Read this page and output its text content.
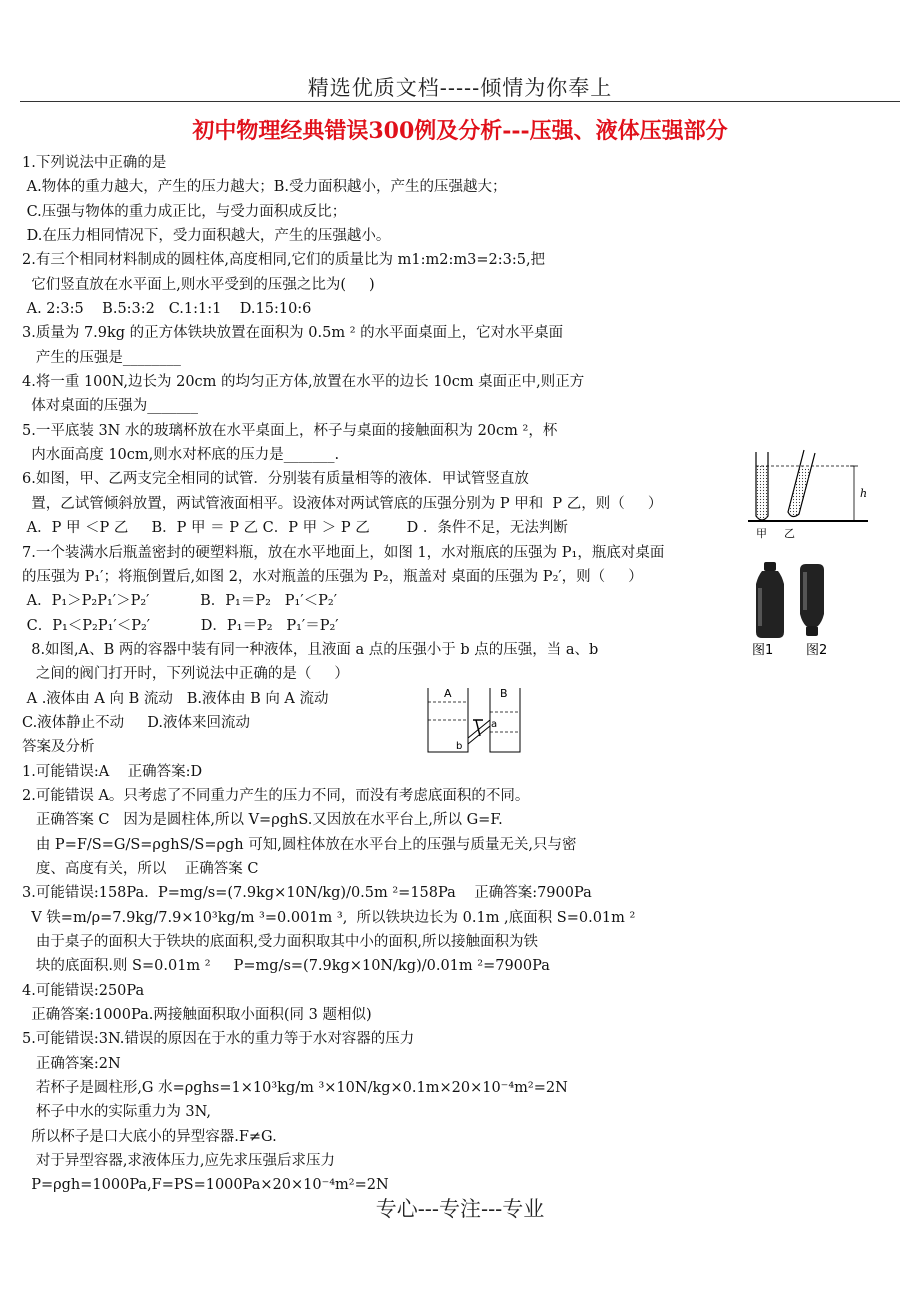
精选优质文档-----倾情为你奉上
初中物理经典错误300例及分析---压强、液体压强部分
1.下列说法中正确的是
A.物体的重力越大，产生的压力越大；B.受力面积越小，产生的压强越大；
C.压强与物体的重力成正比，与受力面积成反比；
D.在压力相同情况下，受力面积越大，产生的压强越小。
2.有三个相同材料制成的圆柱体,高度相同,它们的质量比为 m1:m2:m3=2:3:5,把
它们竖直放在水平面上,则水平受到的压强之比为(     )
A. 2:3:5    B.5:3:2   C.1:1:1    D.15:10:6
3.质量为 7.9kg 的正方体铁块放置在面积为 0.5m ² 的水平面桌面上，它对水平桌面
产生的压强是________
4.将一重 100N,边长为 20cm 的均匀正方体,放置在水平的边长 10cm 桌面正中,则正方
体对桌面的压强为_______
5.一平底装 3N 水的玻璃杯放在水平桌面上，杯子与桌面的接触面积为 20cm ²，杯
内水面高度 10cm,则水对杯底的压力是_______.
6.如图，甲、乙两支完全相同的试管．分别装有质量相等的液体．甲试管竖直放
置，乙试管倾斜放置，两试管液面相平。设液体对两试管底的压强分别为 P 甲和  P 乙，则（     ）
A．P 甲 ＜P 乙     B．P 甲 ＝ P 乙 C．P 甲 ＞ P 乙        D ．条件不足，无法判断
7.一个装满水后瓶盖密封的硬塑料瓶，放在水平地面上，如图 1，水对瓶底的压强为 P₁，瓶底对桌面
的压强为 P₁′；将瓶倒置后,如图 2，水对瓶盖的压强为 P₂，瓶盖对 桌面的压强为 P₂′，则（     ）
A．P₁＞P₂P₁′＞P₂′           B．P₁＝P₂   P₁′＜P₂′
C．P₁＜P₂P₁′＜P₂′           D．P₁＝P₂   P₁′＝P₂′
8.如图,A、B 两的容器中装有同一种液体，且液面 a 点的压强小于 b 点的压强，当 a、b
之间的阀门打开时，下列说法中正确的是（     ）
A .液体由 A 向 B 流动   B.液体由 B 向 A 流动
C.液体静止不动     D.液体来回流动
答案及分析
1.可能错误:A    正确答案:D
2.可能错误 A。只考虑了不同重力产生的压力不同，而没有考虑底面积的不同。
正确答案 C   因为是圆柱体,所以 V=ρghS.又因放在水平台上,所以 G=F.
由 P=F/S=G/S=ρghS/S=ρgh 可知,圆柱体放在水平台上的压强与质量无关,只与密
度、高度有关，所以    正确答案 C
3.可能错误:158Pa.  P=mg/s=(7.9kg×10N/kg)/0.5m ²=158Pa    正确答案:7900Pa
V 铁=m/ρ=7.9kg/7.9×10³kg/m ³=0.001m ³,  所以铁块边长为 0.1m ,底面积 S=0.01m ²
由于桌子的面积大于铁块的底面积,受力面积取其中小的面积,所以接触面积为铁
块的底面积.则 S=0.01m ²     P=mg/s=(7.9kg×10N/kg)/0.01m ²=7900Pa
4.可能错误:250Pa
正确答案:1000Pa.两接触面积取小面积(同 3 题相似)
5.可能错误:3N.错误的原因在于水的重力等于水对容器的压力
正确答案:2N
若杯子是圆柱形,G 水=ρghs=1×10³kg/m ³×10N/kg×0.1m×20×10⁻⁴m²=2N
杯子中水的实际重力为 3N,
所以杯子是口大底小的异型容器.F≠G.
对于异型容器,求液体压力,应先求压强后求压力
P=ρgh=1000Pa,F=PS=1000Pa×20×10⁻⁴m²=2N
h
甲 乙
图1	图2
A	B
a
b
专心---专注---专业
